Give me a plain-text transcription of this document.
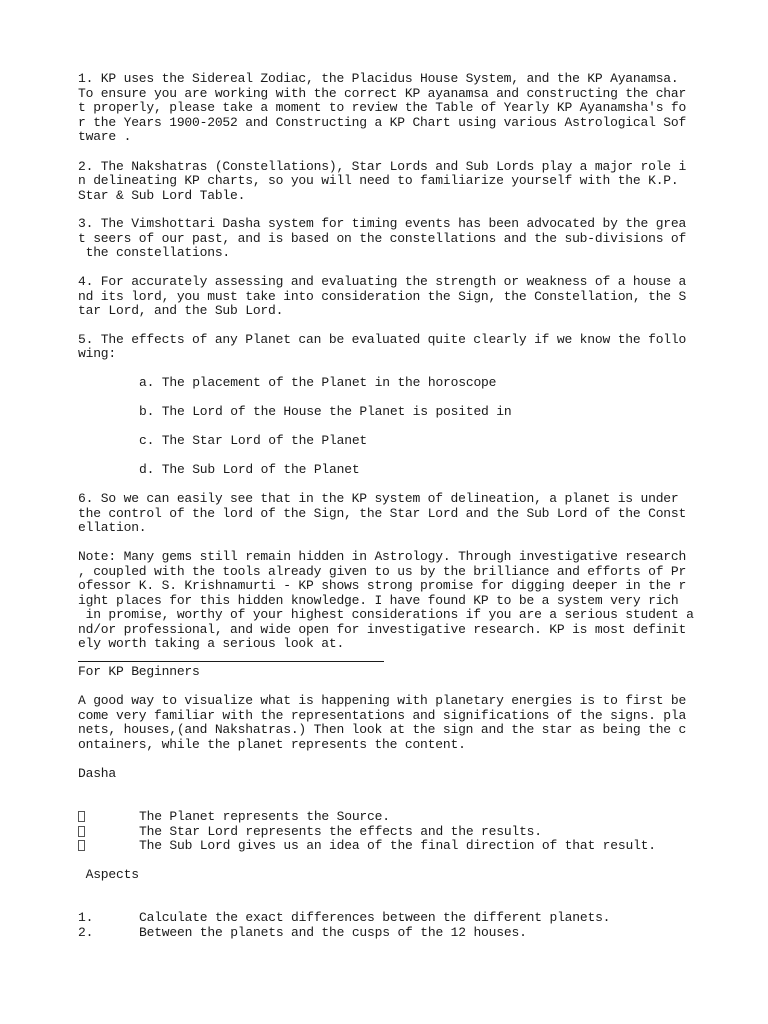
1. KP uses the Sidereal Zodiac, the Placidus House System, and the KP Ayanamsa.
To ensure you are working with the correct KP ayanamsa and constructing the char
t properly, please take a moment to review the Table of Yearly KP Ayanamsha's fo
r the Years 1900-2052 and Constructing a KP Chart using various Astrological Sof
tware .
2. The Nakshatras (Constellations), Star Lords and Sub Lords play a major role i
n delineating KP charts, so you will need to familiarize yourself with the K.P.
Star & Sub Lord Table.
3. The Vimshottari Dasha system for timing events has been advocated by the grea
t seers of our past, and is based on the constellations and the sub-divisions of
the constellations.
4. For accurately assessing and evaluating the strength or weakness of a house a
nd its lord, you must take into consideration the Sign, the Constellation, the S
tar Lord, and the Sub Lord.
5. The effects of any Planet can be evaluated quite clearly if we know the follo
wing:
a. The placement of the Planet in the horoscope
b. The Lord of the House the Planet is posited in
c. The Star Lord of the Planet
d. The Sub Lord of the Planet
6. So we can easily see that in the KP system of delineation, a planet is under
the control of the lord of the Sign, the Star Lord and the Sub Lord of the Const
ellation.
Note: Many gems still remain hidden in Astrology. Through investigative research
, coupled with the tools already given to us by the brilliance and efforts of Pr
ofessor K. S. Krishnamurti - KP shows strong promise for digging deeper in the r
ight places for this hidden knowledge. I have found KP to be a system very rich
in promise, worthy of your highest considerations if you are a serious student a
nd/or professional, and wide open for investigative research. KP is most definit
ely worth taking a serious look at.
For KP Beginners
A good way to visualize what is happening with planetary energies is to first be
come very familiar with the representations and significations of the signs. pla
nets, houses,(and Nakshatras.) Then look at the sign and the star as being the c
ontainers, while the planet represents the content.
Dasha
The Planet represents the Source.
The Star Lord represents the effects and the results.
The Sub Lord gives us an idea of the final direction of that result.
Aspects
1.	Calculate the exact differences between the different planets.
2.	Between the planets and the cusps of the 12 houses.
